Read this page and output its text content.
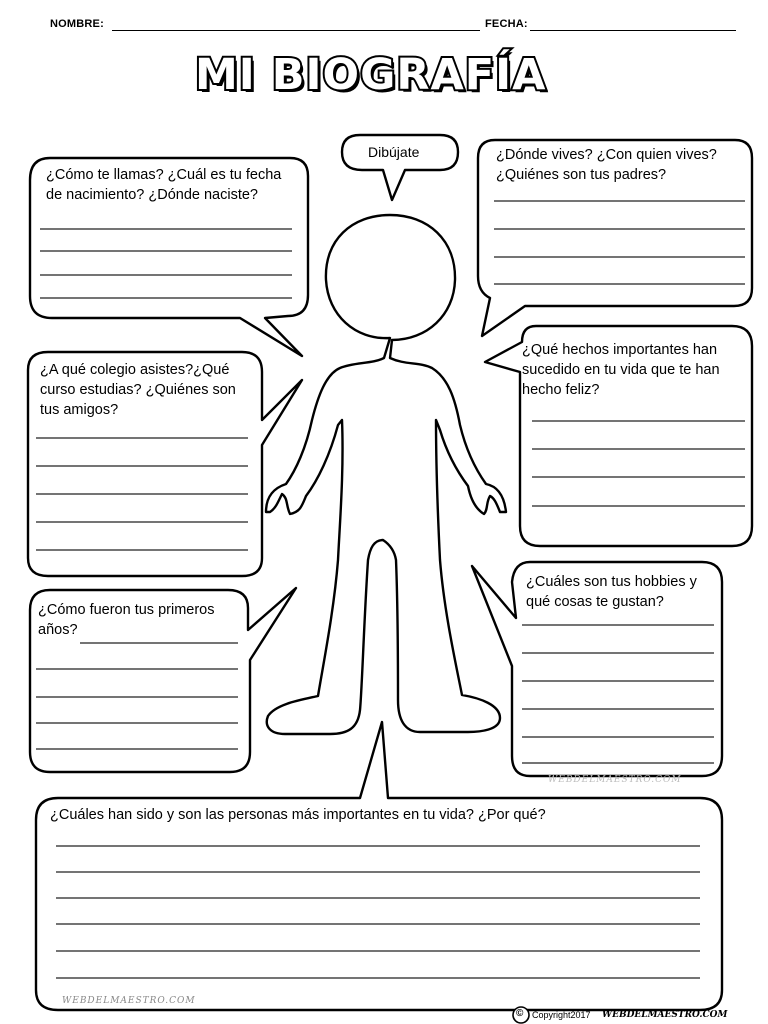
NOMBRE:	FECHA:
MI BIOGRAFÍA
Dibújate
¿Cómo te llamas? ¿Cuál es tu fecha de nacimiento? ¿Dónde naciste?
¿Dónde vives? ¿Con quien vives? ¿Quiénes son tus padres?
¿A qué colegio asistes?¿Qué curso estudias? ¿Quiénes son tus amigos?
¿Qué hechos importantes han sucedido en tu vida que te han hecho feliz?
¿Cómo fueron tus primeros años?
¿Cuáles son tus hobbies y qué cosas te gustan?
¿Cuáles han sido y son las personas más importantes en tu vida? ¿Por qué?
WEBDELMAESTRO.COM
WEBDELMAESTRO.COM
© Copyright2017 WEBDELMAESTRO.COM
